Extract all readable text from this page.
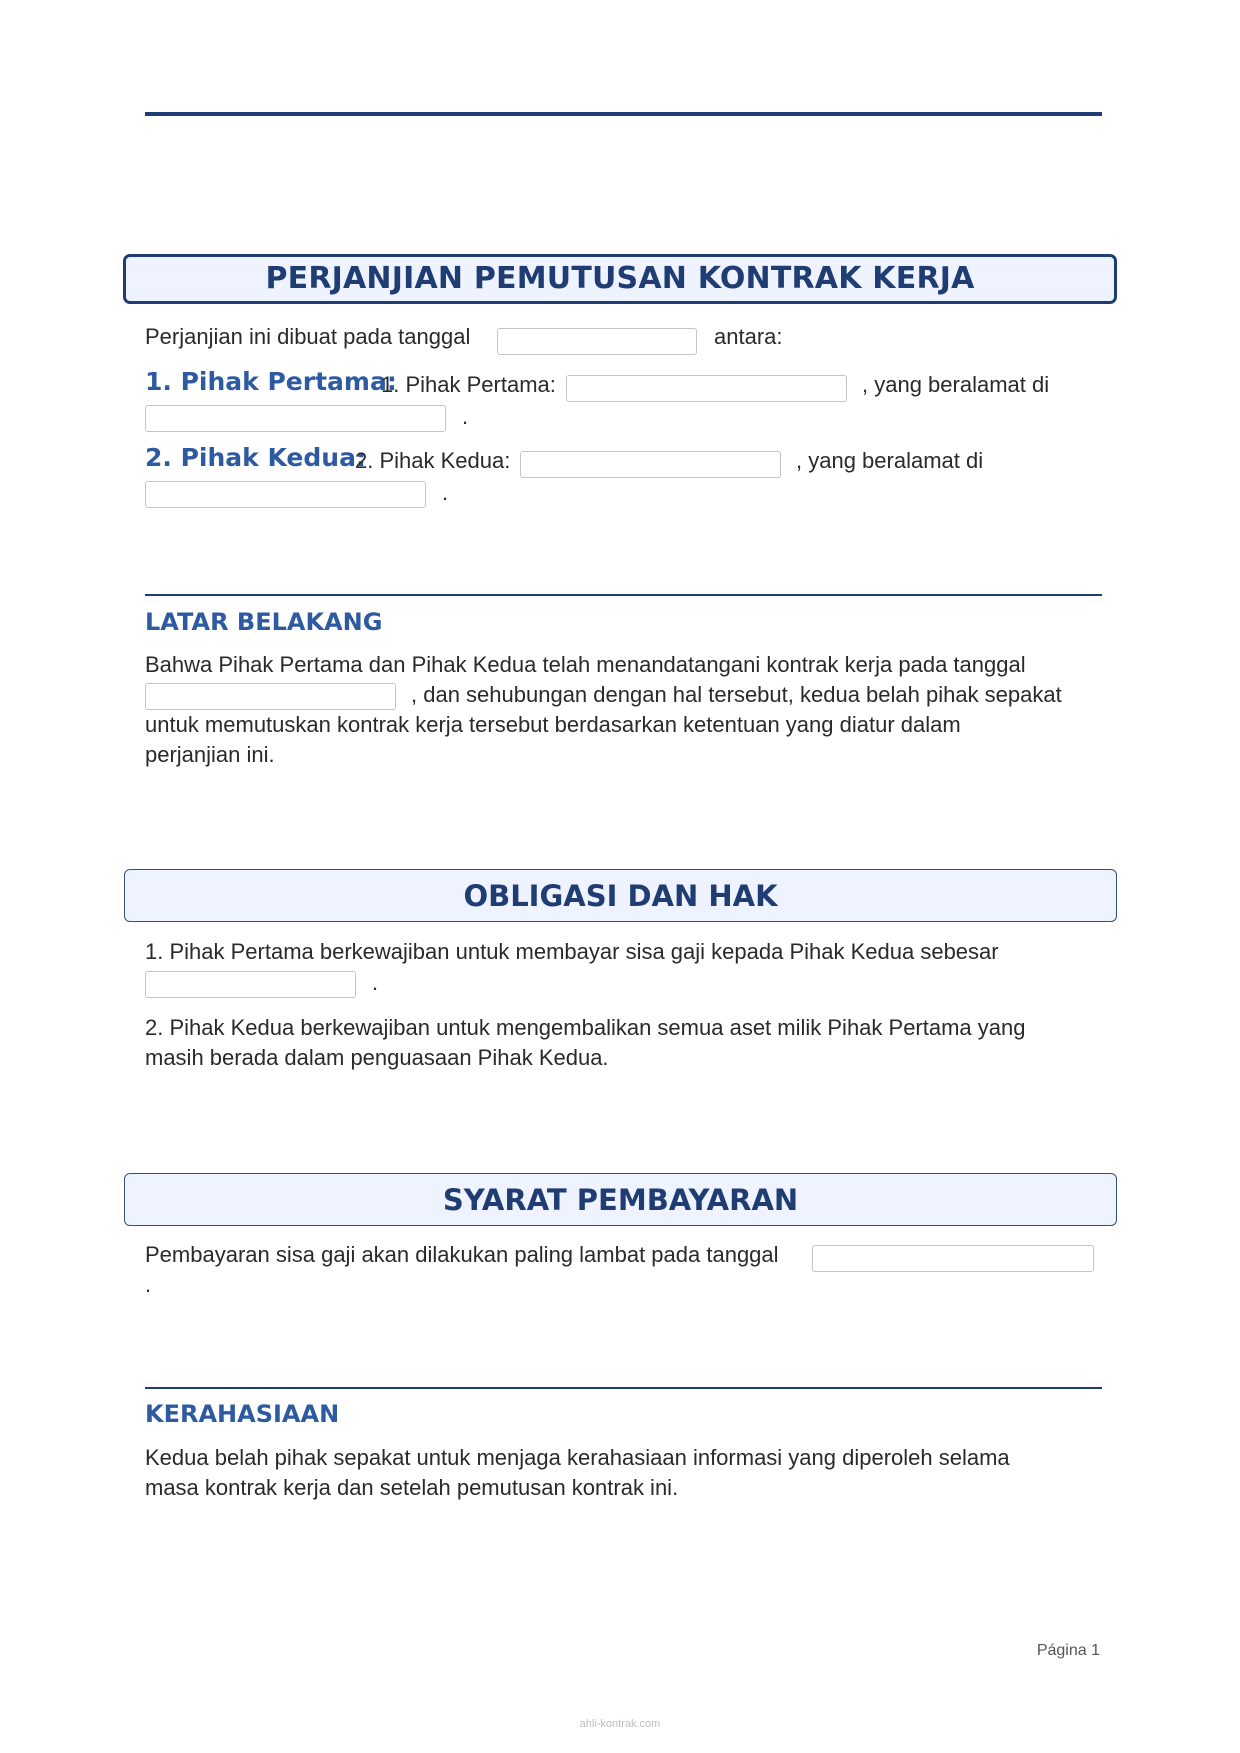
PERJANJIAN PEMUTUSAN KONTRAK KERJA
Perjanjian ini dibuat pada tanggal	antara:
1. Pihak Pertama:
1. Pihak Pertama:	, yang beralamat di
.
2. Pihak Kedua:
2. Pihak Kedua:	, yang beralamat di
.
LATAR BELAKANG
Bahwa Pihak Pertama dan Pihak Kedua telah menandatangani kontrak kerja pada tanggal
, dan sehubungan dengan hal tersebut, kedua belah pihak sepakat
untuk memutuskan kontrak kerja tersebut berdasarkan ketentuan yang diatur dalam
perjanjian ini.
OBLIGASI DAN HAK
1. Pihak Pertama berkewajiban untuk membayar sisa gaji kepada Pihak Kedua sebesar
.
2. Pihak Kedua berkewajiban untuk mengembalikan semua aset milik Pihak Pertama yang
masih berada dalam penguasaan Pihak Kedua.
SYARAT PEMBAYARAN
Pembayaran sisa gaji akan dilakukan paling lambat pada tanggal
.
KERAHASIAAN
Kedua belah pihak sepakat untuk menjaga kerahasiaan informasi yang diperoleh selama
masa kontrak kerja dan setelah pemutusan kontrak ini.
Página 1
ahli-kontrak.com
